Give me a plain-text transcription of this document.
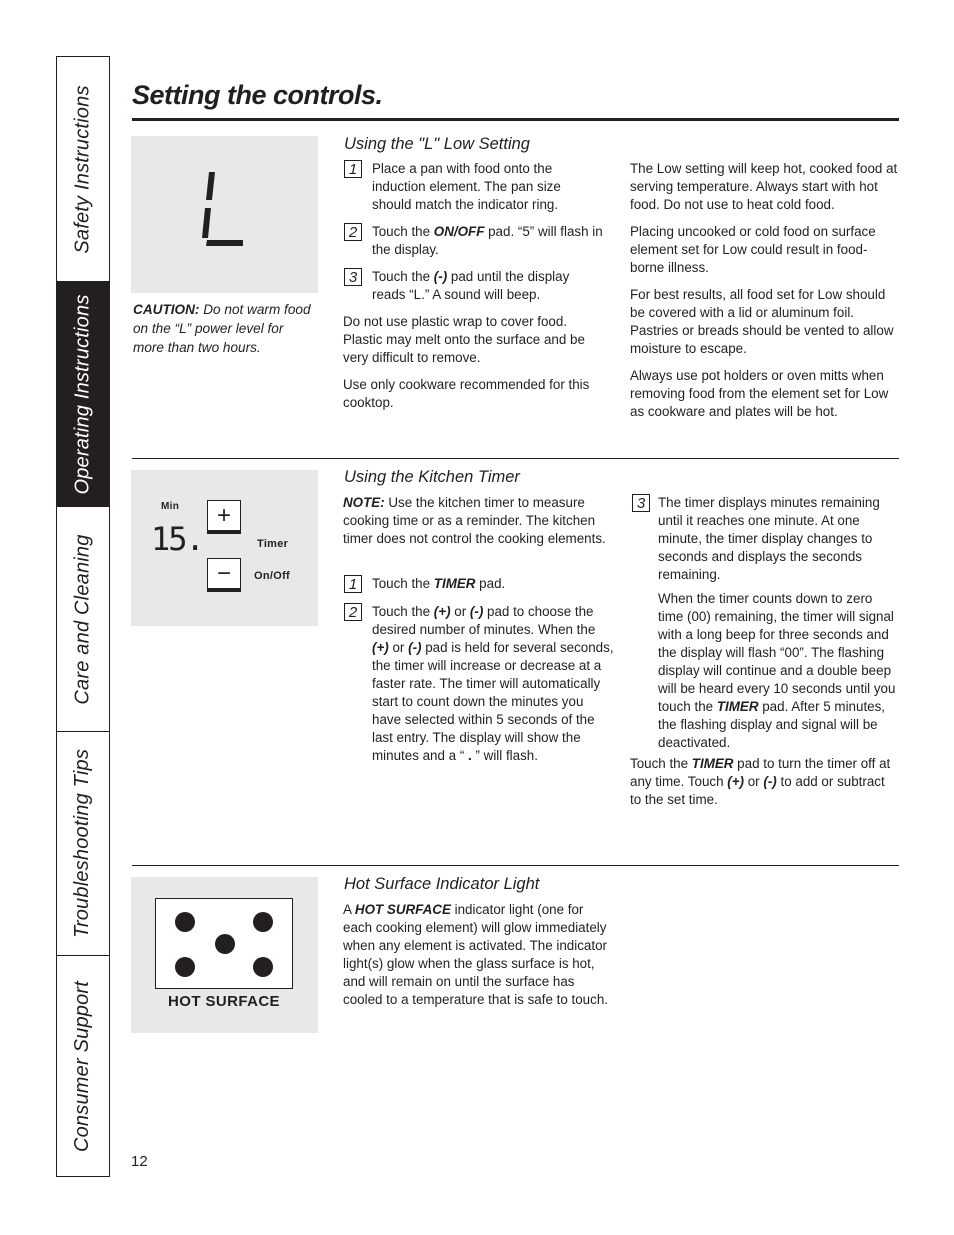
Safety Instructions
Operating Instructions
Care and Cleaning
Troubleshooting Tips
Consumer Support
Setting the controls.
L
CAUTION: Do not warm food on the “L” power level for more than two hours.
Using the "L" Low Setting
1	Place a pan with food onto the induction element. The pan size should match the indicator ring.
2	Touch the ON/OFF pad. “5” will flash in the display.
3	Touch the (-) pad until the display reads “L.” A sound will beep.

Do not use plastic wrap to cover food. Plastic may melt onto the surface and be very difficult to remove.

Use only cookware recommended for this cooktop.

The Low setting will keep hot, cooked food at serving temperature. Always start with hot food. Do not use to heat cold food.

Placing uncooked or cold food on surface element set for Low could result in food-borne illness.

For best results, all food set for Low should be covered with a lid or aluminum foil. Pastries or breads should be vented to allow moisture to escape.

Always use pot holders or oven mitts when removing food from the element set for Low as cookware and plates will be hot.

Min
15.
+
−
Timer
On/Off
Using the Kitchen Timer
NOTE: Use the kitchen timer to measure cooking time or as a reminder. The kitchen timer does not control the cooking elements.
1	Touch the TIMER pad.
2	Touch the (+) or (-) pad to choose the desired number of minutes. When the (+) or (-) pad is held for several seconds, the timer will increase or decrease at a faster rate. The timer will automatically start to count down the minutes you have selected within 5 seconds of the last entry. The display will show the minutes and a “ . ” will flash.
3 The timer displays minutes remaining until it reaches one minute. At one minute, the timer display changes to seconds and displays the seconds remaining.
When the timer counts down to zero time (00) remaining, the timer will signal with a long beep for three seconds and the display will flash “00”. The flashing display will continue and a double beep will be heard every 10 seconds until you touch the TIMER pad. After 5 minutes, the flashing display and signal will be deactivated.
Touch the TIMER pad to turn the timer off at any time. Touch (+) or (-) to add or subtract to the set time.
HOT SURFACE
Hot Surface Indicator Light
A HOT SURFACE indicator light (one for each cooking element) will glow immediately when any element is activated. The indicator light(s) glow when the glass surface is hot, and will remain on until the surface has cooled to a temperature that is safe to touch.
12
